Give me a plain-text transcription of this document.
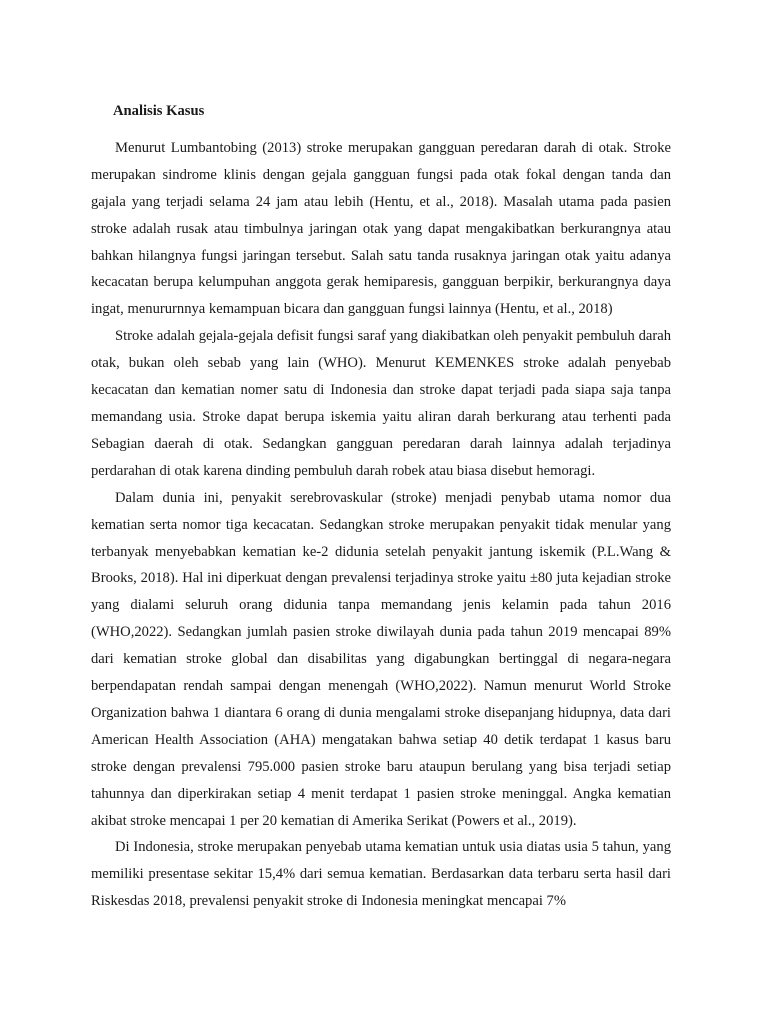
Analisis Kasus

Menurut Lumbantobing (2013) stroke merupakan gangguan peredaran darah di otak. Stroke merupakan sindrome klinis dengan gejala gangguan fungsi pada otak fokal dengan tanda dan gajala yang terjadi selama 24 jam atau lebih (Hentu, et al., 2018). Masalah utama pada pasien stroke adalah rusak atau timbulnya jaringan otak yang dapat mengakibatkan berkurangnya atau bahkan hilangnya fungsi jaringan tersebut. Salah satu tanda rusaknya jaringan otak yaitu adanya kecacatan berupa kelumpuhan anggota gerak hemiparesis, gangguan berpikir, berkurangnya daya ingat, menururnnya kemampuan bicara dan gangguan fungsi lainnya (Hentu, et al., 2018)

Stroke adalah gejala-gejala defisit fungsi saraf yang diakibatkan oleh penyakit pembuluh darah otak, bukan oleh sebab yang lain (WHO). Menurut KEMENKES stroke adalah penyebab kecacatan dan kematian nomer satu di Indonesia dan stroke dapat terjadi pada siapa saja tanpa memandang usia. Stroke dapat berupa iskemia yaitu aliran darah berkurang atau terhenti pada Sebagian daerah di otak. Sedangkan gangguan peredaran darah lainnya adalah terjadinya perdarahan di otak karena dinding pembuluh darah robek atau biasa disebut hemoragi.

Dalam dunia ini, penyakit serebrovaskular (stroke) menjadi penybab utama nomor dua kematian serta nomor tiga kecacatan. Sedangkan stroke merupakan penyakit tidak menular yang terbanyak menyebabkan kematian ke-2 didunia setelah penyakit jantung iskemik (P.L.Wang & Brooks, 2018). Hal ini diperkuat dengan prevalensi terjadinya stroke yaitu ±80 juta kejadian stroke yang dialami seluruh orang didunia tanpa memandang jenis kelamin pada tahun 2016 (WHO,2022). Sedangkan jumlah pasien stroke diwilayah dunia pada tahun 2019 mencapai 89% dari kematian stroke global dan disabilitas yang digabungkan bertinggal di negara-negara berpendapatan rendah sampai dengan menengah (WHO,2022). Namun menurut World Stroke Organization bahwa 1 diantara 6 orang di dunia mengalami stroke disepanjang hidupnya, data dari American Health Association (AHA) mengatakan bahwa setiap 40 detik terdapat 1 kasus baru stroke dengan prevalensi 795.000 pasien stroke baru ataupun berulang yang bisa terjadi setiap tahunnya dan diperkirakan setiap 4 menit terdapat 1 pasien stroke meninggal. Angka kematian akibat stroke mencapai 1 per 20 kematian di Amerika Serikat (Powers et al., 2019).

Di Indonesia, stroke merupakan penyebab utama kematian untuk usia diatas usia 5 tahun, yang memiliki presentase sekitar 15,4% dari semua kematian. Berdasarkan data terbaru serta hasil dari Riskesdas 2018, prevalensi penyakit stroke di Indonesia meningkat mencapai 7%
